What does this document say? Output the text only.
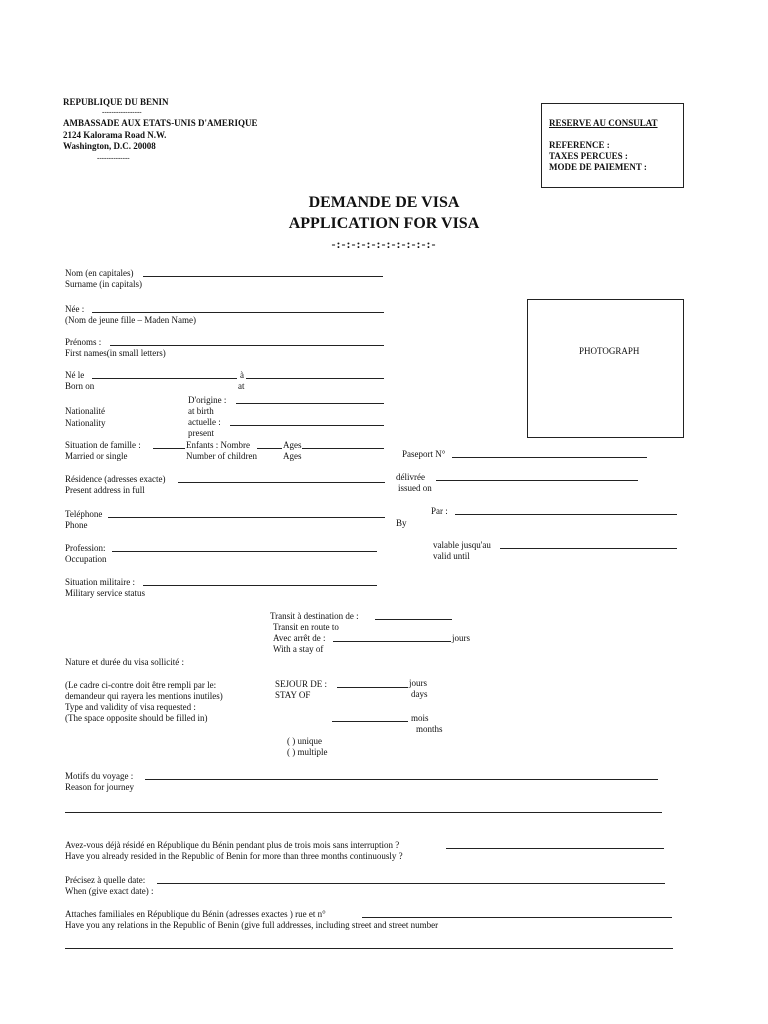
REPUBLIQUE DU BENIN
-----------------
AMBASSADE AUX ETATS-UNIS D'AMERIQUE
2124 Kalorama Road N.W.
Washington, D.C. 20008
--------------
RESERVE AU CONSULAT
REFERENCE :
TAXES PERCUES :
MODE DE PAIEMENT :
DEMANDE DE VISA
APPLICATION FOR VISA
-:-:-:-:-:-:-:-:-:-:-
PHOTOGRAPH
Nom (en capitales)
Surname (in capitals)
Née :
(Nom de jeune fille – Maden Name)
Prénoms :
First names(in small letters)
Né le	à
Born on	at
D'origine :
at birth
Nationalité
Nationality	actuelle :
present
Situation de famille :	Enfants : Nombre	Ages
Married or single	Number of children	Ages	Paseport N°
Résidence (adresses exacte)
Present address in full
délivrée
issued on
Teléphone
Phone
Par :
By
Profession:
Occupation
valable jusqu'au
valid until
Situation militaire :
Military service status
Transit à destination de :
Transit en route to
Avec arrêt de :	jours
With a stay of
Nature et durée du visa sollicité :
(Le cadre ci-contre doit être rempli par le:
demandeur qui rayera les mentions inutiles)
Type and validity of visa requested :
(The space opposite should be filled in)
SEJOUR DE :	jours
STAY OF	days
mois
months
( ) unique
( ) multiple
Motifs du voyage :
Reason for journey
Avez-vous déjà résidé en République du Bénin pendant plus de trois mois sans interruption ?
Have you already resided in the Republic of Benin for more than three months continuously ?
Précisez à quelle date:
When (give exact date) :
Attaches familiales en République du Bénin (adresses exactes ) rue et n°
Have you any relations in the Republic of Benin (give full addresses, including street and street number
